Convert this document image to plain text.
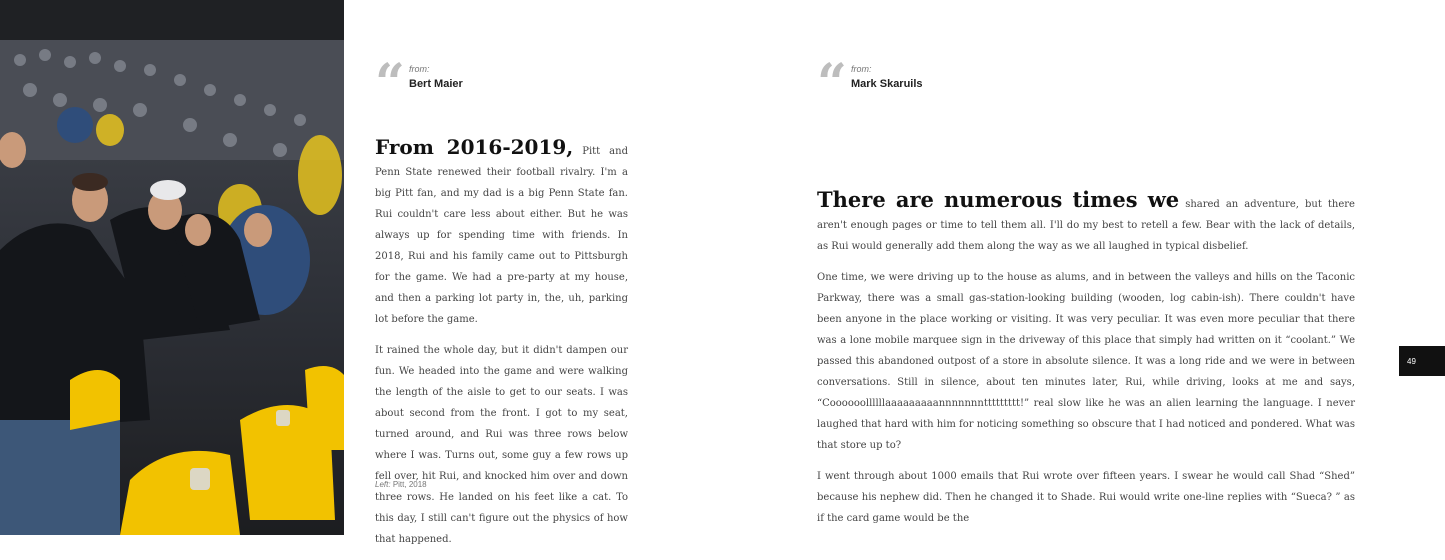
“	from:
Bert Maier

From 2016-2019, Pitt and Penn State renewed their football rivalry. I'm a big Pitt fan, and my dad is a big Penn State fan. Rui couldn't care less about either. But he was always up for spending time with friends. In 2018, Rui and his family came out to Pittsburgh for the game. We had a pre-party at my house, and then a parking lot party in, the, uh, parking lot before the game.

It rained the whole day, but it didn't dampen our fun. We headed into the game and were walking the length of the aisle to get to our seats. I was about second from the front. I got to my seat, turned around, and Rui was three rows below where I was. Turns out, some guy a few rows up fell over, hit Rui, and knocked him over and down three rows. He landed on his feet like a cat. To this day, I still can't figure out the physics of how that happened.

Left: Pitt, 2018
“	from:
Mark Skaruils

There are numerous times we shared an adventure, but there aren't enough pages or time to tell them all. I'll do my best to retell a few. Bear with the lack of details, as Rui would generally add them along the way as we all laughed in typical disbelief.

One time, we were driving up to the house as alums, and in between the valleys and hills on the Taconic Parkway, there was a small gas-station-looking building (wooden, log cabin-ish). There couldn't have been anyone in the place working or visiting. It was very peculiar. It was even more peculiar that there was a lone mobile marquee sign in the driveway of this place that simply had written on it “coolant.” We passed this abandoned outpost of a store in absolute silence. It was a long ride and we were in between conversations. Still in silence, about ten minutes later, Rui, while driving, looks at me and says, “Coooooollllllaaaaaaaaannnnnnnttttttttt!” real slow like he was an alien learning the language. I never laughed that hard with him for noticing something so obscure that I had noticed and pondered. What was that store up to?

I went through about 1000 emails that Rui wrote over fifteen years. I swear he would call Shad “Shed” because his nephew did. Then he changed it to Shade. Rui would write one-line replies with “Sueca? ” as if the card game would be the

49
